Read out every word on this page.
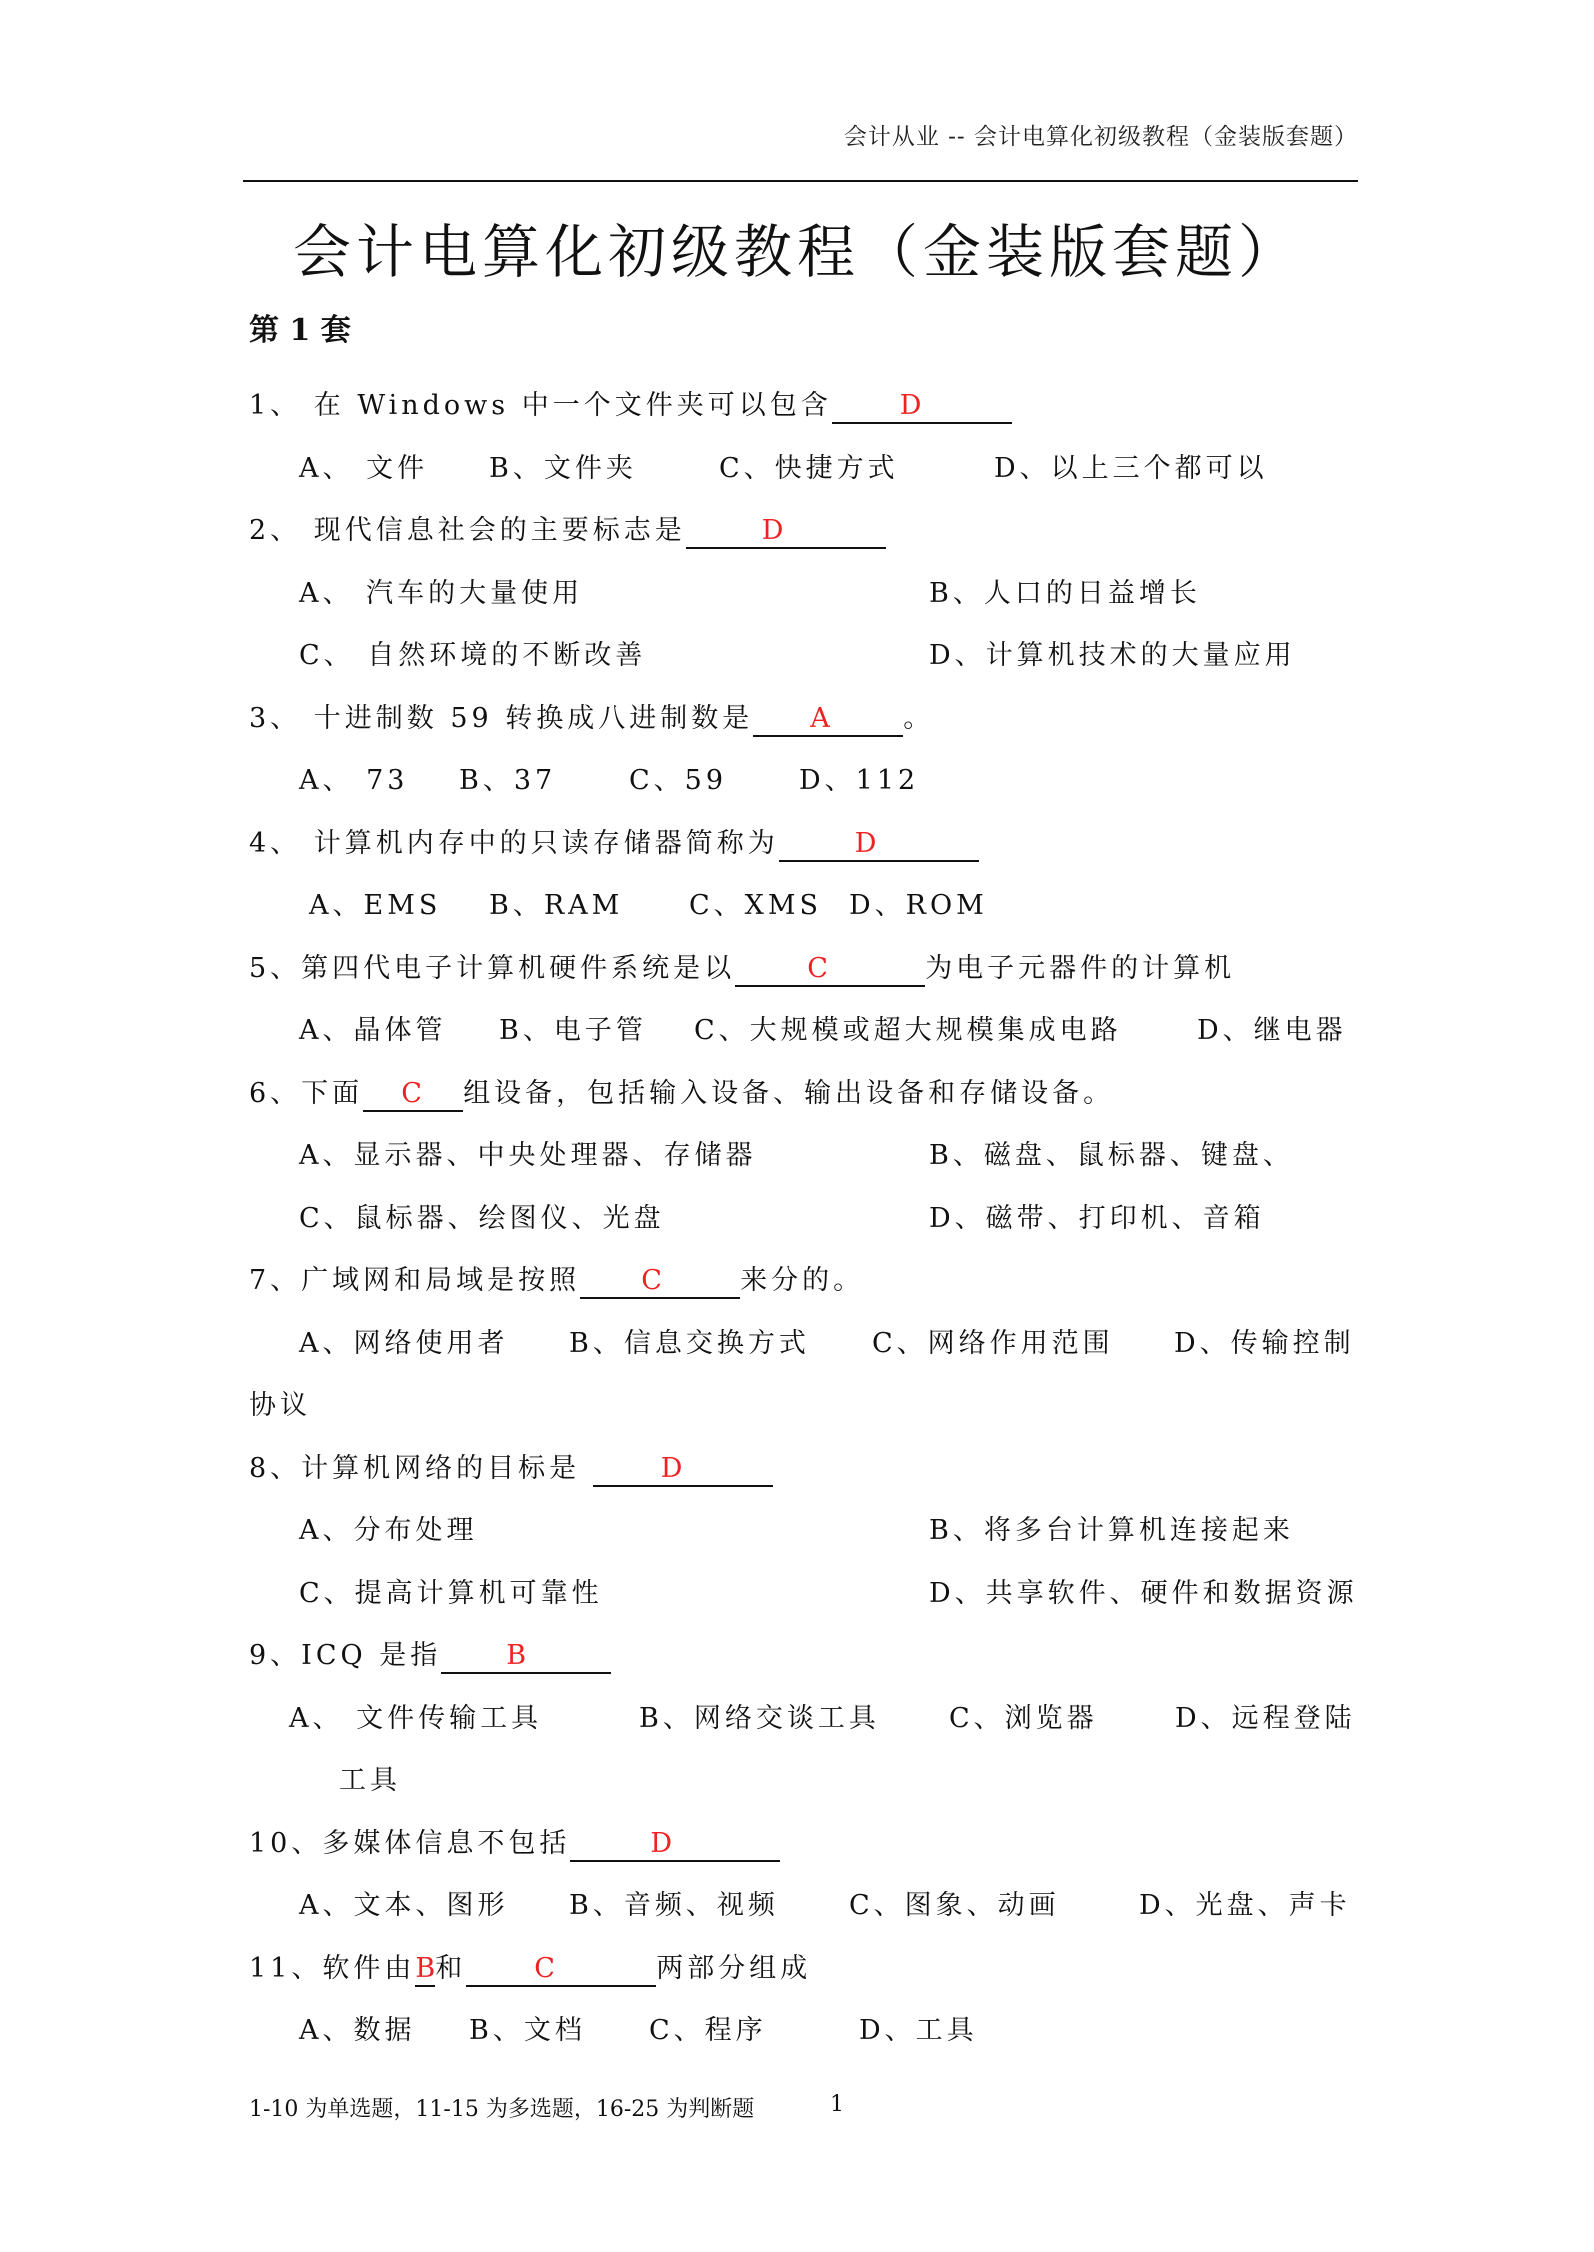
会计从业 -- 会计电算化初级教程（金装版套题）
会计电算化初级教程（金装版套题）
第 1 套
1、 在 Windows 中一个文件夹可以包含	D
A、 文件 B、文件夹	C、快捷方式	D、以上三个都可以
2、 现代信息社会的主要标志是	D
A、 汽车的大量使用	B、人口的日益增长
C、 自然环境的不断改善	D、计算机技术的大量应用
3、 十进制数 59 转换成八进制数是 A	。
A、 73 B、37	C、59	D、112
4、 计算机内存中的只读存储器简称为	D
A、EMS B、RAM C、XMS D、ROM
5、第四代电子计算机硬件系统是以	C	为电子元器件的计算机
A、晶体管 B、电子管 C、大规模或超大规模集成电路	D、继电器
6、下面 C 组设备，包括输入设备、输出设备和存储设备。
A、显示器、中央处理器、存储器	B、磁盘、鼠标器、键盘、
C、鼠标器、绘图仪、光盘	D、磁带、打印机、音箱
7、广域网和局域是按照 C	来分的。
A、网络使用者 B、信息交换方式 C、网络作用范围 D、传输控制
协议
8、计算机网络的目标是	D
A、分布处理	B、将多台计算机连接起来
C、提高计算机可靠性	D、共享软件、硬件和数据资源
9、ICQ 是指 B
A、 文件传输工具	B、网络交谈工具	C、浏览器	D、远程登陆
工具
10、多媒体信息不包括	D
A、文本、图形 B、音频、视频	C、图象、动画	D、光盘、声卡
11、软件由B和	C	两部分组成
A、数据 B、文档 C、程序	D、工具
1-10 为单选题，11-15 为多选题，16-25 为判断题	1
